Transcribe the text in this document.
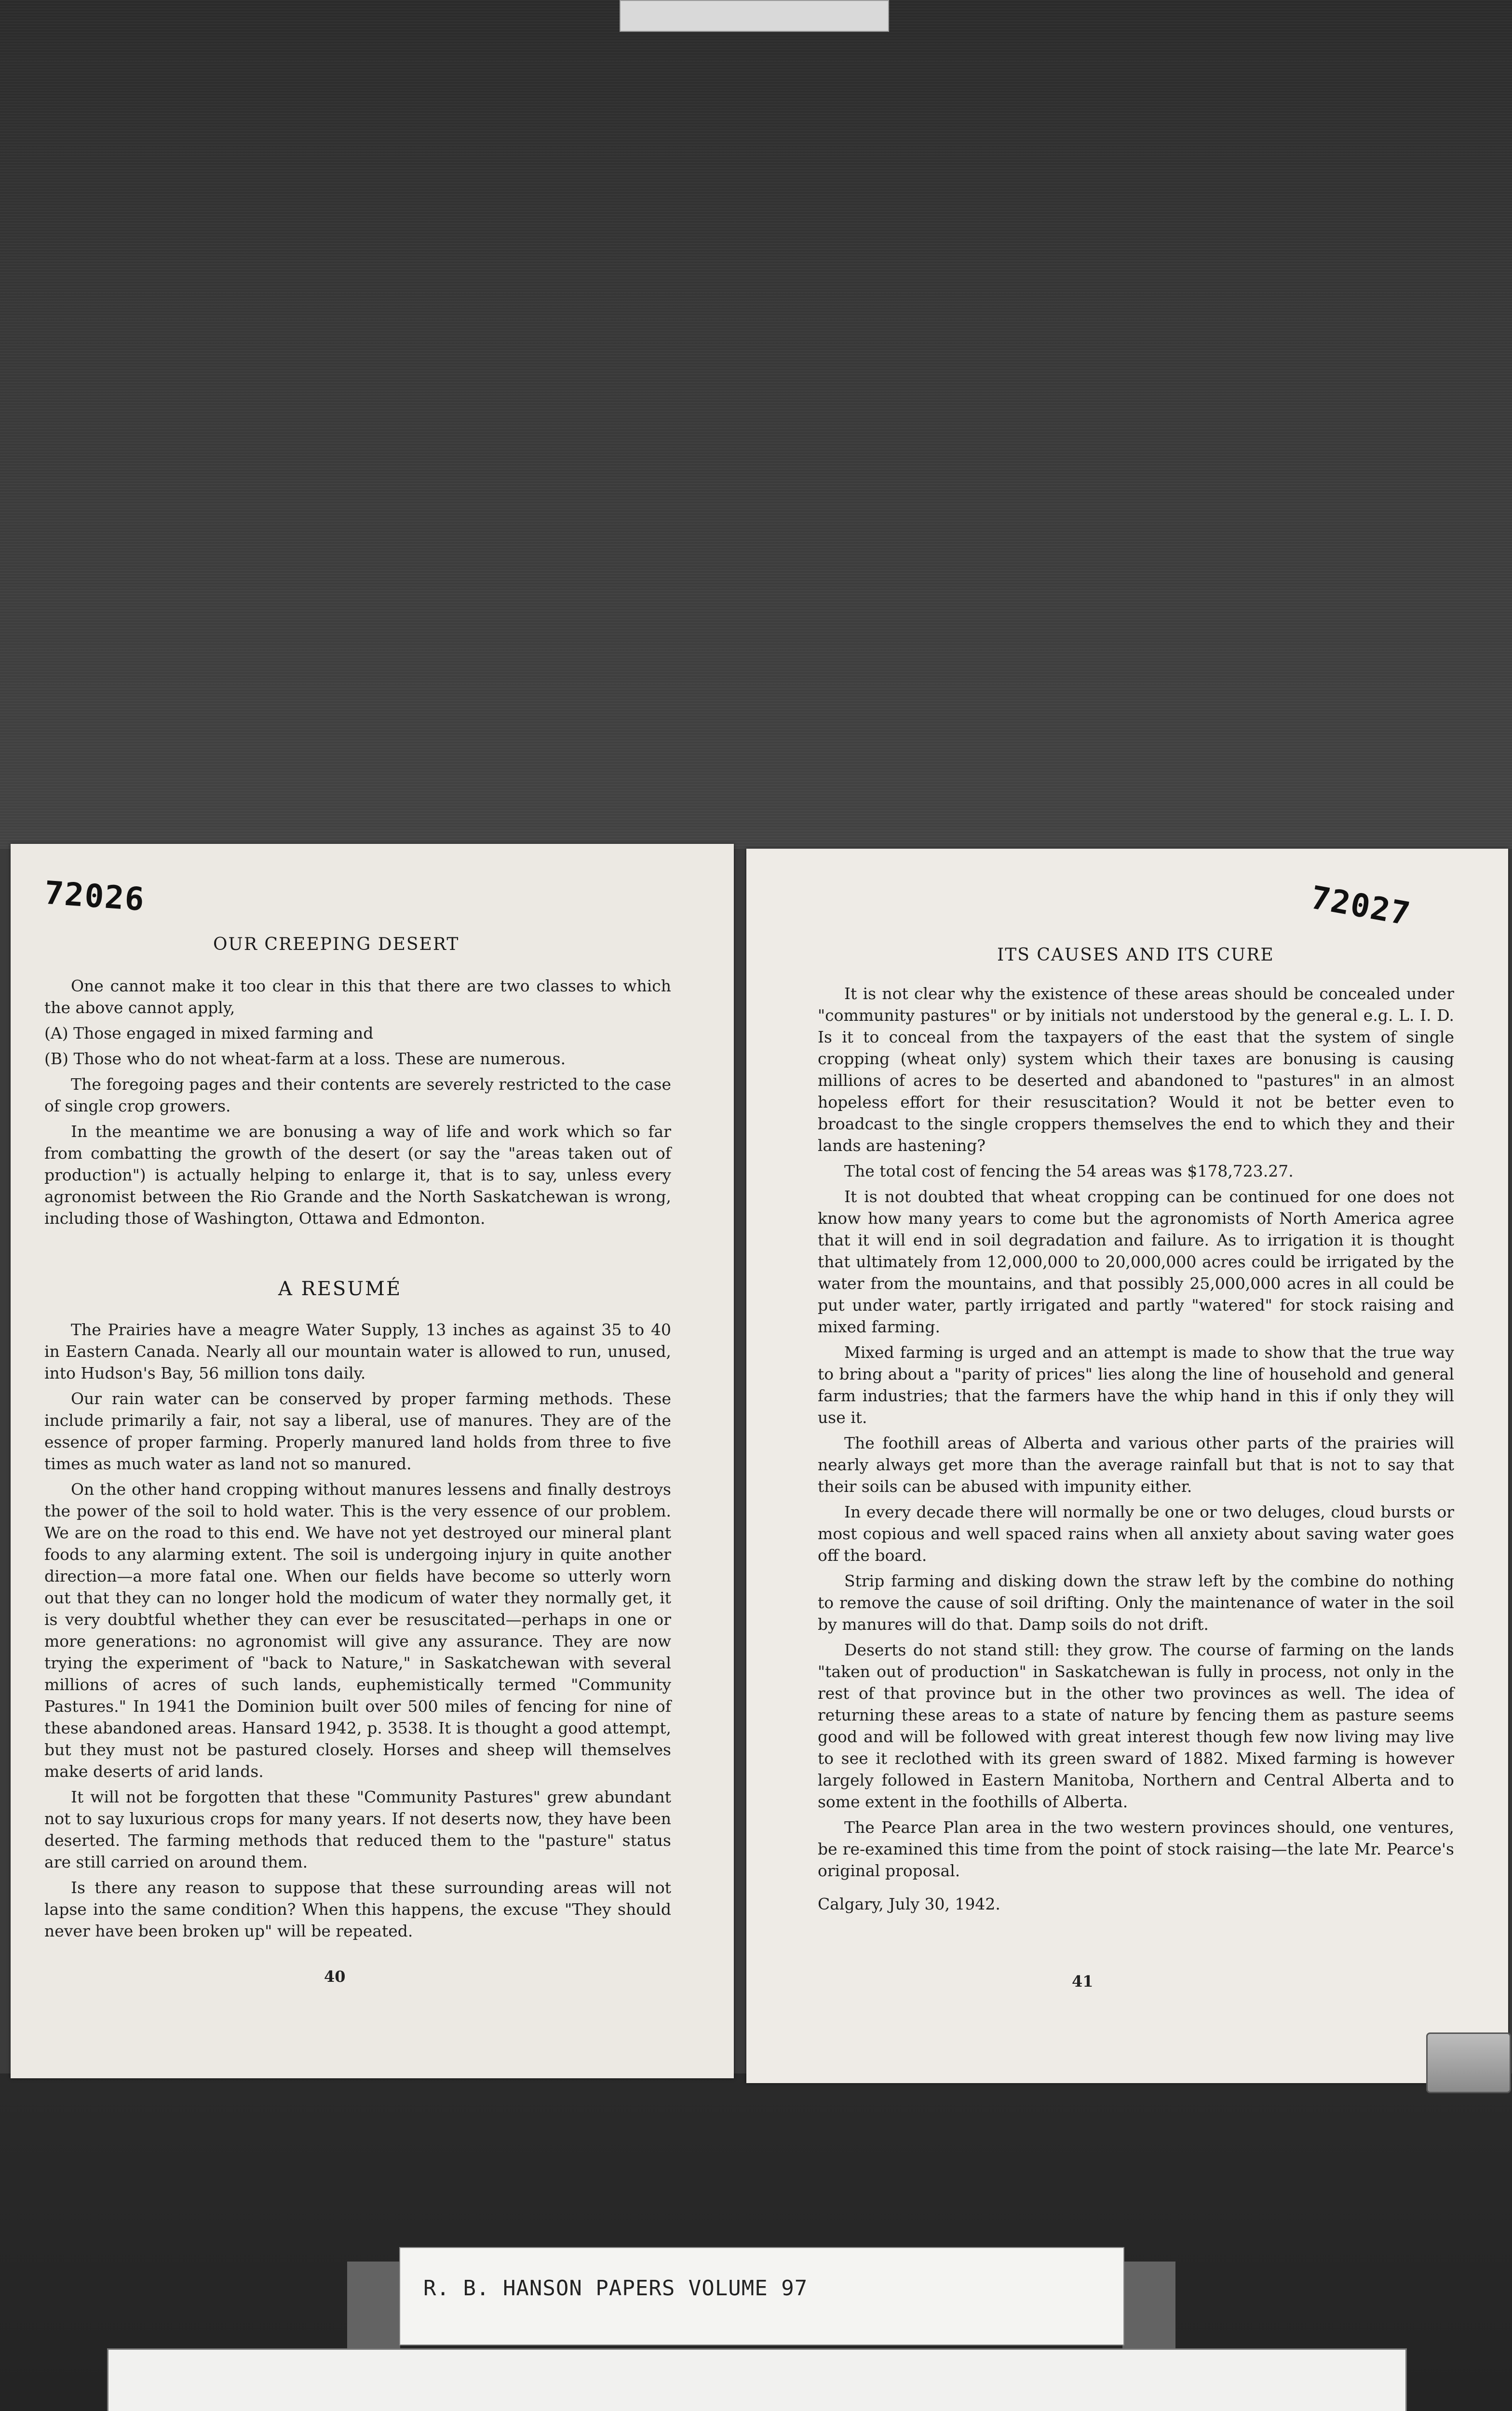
72026
OUR CREEPING DESERT

One cannot make it too clear in this that there are two classes to which the above cannot apply,

(A) Those engaged in mixed farming and

(B) Those who do not wheat-farm at a loss. These are numerous.

The foregoing pages and their contents are severely restricted to the case of single crop growers.

In the meantime we are bonusing a way of life and work which so far from combatting the growth of the desert (or say the "areas taken out of production") is actually helping to enlarge it, that is to say, unless every agronomist between the Rio Grande and the North Saskatchewan is wrong, including those of Washington, Ottawa and Edmonton.

A RESUMÉ

The Prairies have a meagre Water Supply, 13 inches as against 35 to 40 in Eastern Canada. Nearly all our mountain water is allowed to run, unused, into Hudson's Bay, 56 million tons daily.

Our rain water can be conserved by proper farming methods. These include primarily a fair, not say a liberal, use of manures. They are of the essence of proper farming. Properly manured land holds from three to five times as much water as land not so manured.

On the other hand cropping without manures lessens and finally destroys the power of the soil to hold water. This is the very essence of our problem. We are on the road to this end. We have not yet destroyed our mineral plant foods to any alarming extent. The soil is undergoing injury in quite another direction—a more fatal one. When our fields have become so utterly worn out that they can no longer hold the modicum of water they normally get, it is very doubtful whether they can ever be resuscitated—perhaps in one or more generations: no agronomist will give any assurance. They are now trying the experiment of "back to Nature," in Saskatchewan with several millions of acres of such lands, euphemistically termed "Community Pastures." In 1941 the Dominion built over 500 miles of fencing for nine of these abandoned areas. Hansard 1942, p. 3538. It is thought a good attempt, but they must not be pastured closely. Horses and sheep will themselves make deserts of arid lands.

It will not be forgotten that these "Community Pastures" grew abundant not to say luxurious crops for many years. If not deserts now, they have been deserted. The farming methods that reduced them to the "pasture" status are still carried on around them.

Is there any reason to suppose that these surrounding areas will not lapse into the same condition? When this happens, the excuse "They should never have been broken up" will be repeated.

40
72027
ITS CAUSES AND ITS CURE

It is not clear why the existence of these areas should be concealed under "community pastures" or by initials not understood by the general e.g. L. I. D. Is it to conceal from the taxpayers of the east that the system of single cropping (wheat only) system which their taxes are bonusing is causing millions of acres to be deserted and abandoned to "pastures" in an almost hopeless effort for their resuscitation? Would it not be better even to broadcast to the single croppers themselves the end to which they and their lands are hastening?

The total cost of fencing the 54 areas was $178,723.27.

It is not doubted that wheat cropping can be continued for one does not know how many years to come but the agronomists of North America agree that it will end in soil degradation and failure. As to irrigation it is thought that ultimately from 12,000,000 to 20,000,000 acres could be irrigated by the water from the mountains, and that possibly 25,000,000 acres in all could be put under water, partly irrigated and partly "watered" for stock raising and mixed farming.

Mixed farming is urged and an attempt is made to show that the true way to bring about a "parity of prices" lies along the line of household and general farm industries; that the farmers have the whip hand in this if only they will use it.

The foothill areas of Alberta and various other parts of the prairies will nearly always get more than the average rainfall but that is not to say that their soils can be abused with impunity either.

In every decade there will normally be one or two deluges, cloud bursts or most copious and well spaced rains when all anxiety about saving water goes off the board.

Strip farming and disking down the straw left by the combine do nothing to remove the cause of soil drifting. Only the maintenance of water in the soil by manures will do that. Damp soils do not drift.

Deserts do not stand still: they grow. The course of farming on the lands "taken out of production" in Saskatchewan is fully in process, not only in the rest of that province but in the other two provinces as well. The idea of returning these areas to a state of nature by fencing them as pasture seems good and will be followed with great interest though few now living may live to see it reclothed with its green sward of 1882. Mixed farming is however largely followed in Eastern Manitoba, Northern and Central Alberta and to some extent in the foothills of Alberta.

The Pearce Plan area in the two western provinces should, one ventures, be re-examined this time from the point of stock raising—the late Mr. Pearce's original proposal.

Calgary, July 30, 1942.

41
R. B. HANSON PAPERS VOLUME 97
